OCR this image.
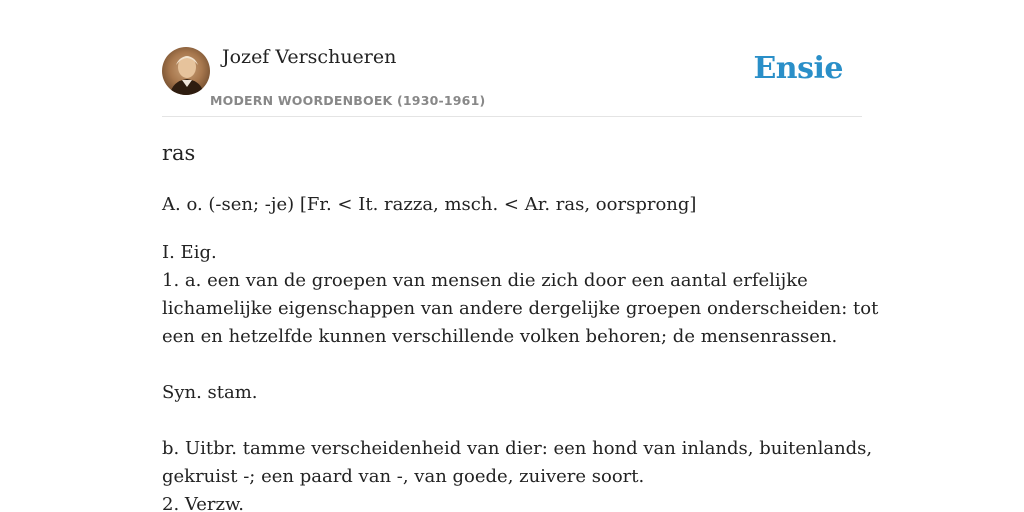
Jozef Verschueren
MODERN WOORDENBOEK (1930-1961)
Ensie
ras
A. o. (-sen; -je) [Fr. < It. razza, msch. < Ar. ras, oorsprong]
I. Eig.
1. a. een van de groepen van mensen die zich door een aantal erfelijke
lichamelijke eigenschappen van andere dergelijke groepen onderscheiden: tot
een en hetzelfde kunnen verschillende volken behoren; de mensenrassen.
Syn. stam.
b. Uitbr. tamme verscheidenheid van dier: een hond van inlands, buitenlands,
gekruist -; een paard van -, van goede, zuivere soort.
2. Verzw.
